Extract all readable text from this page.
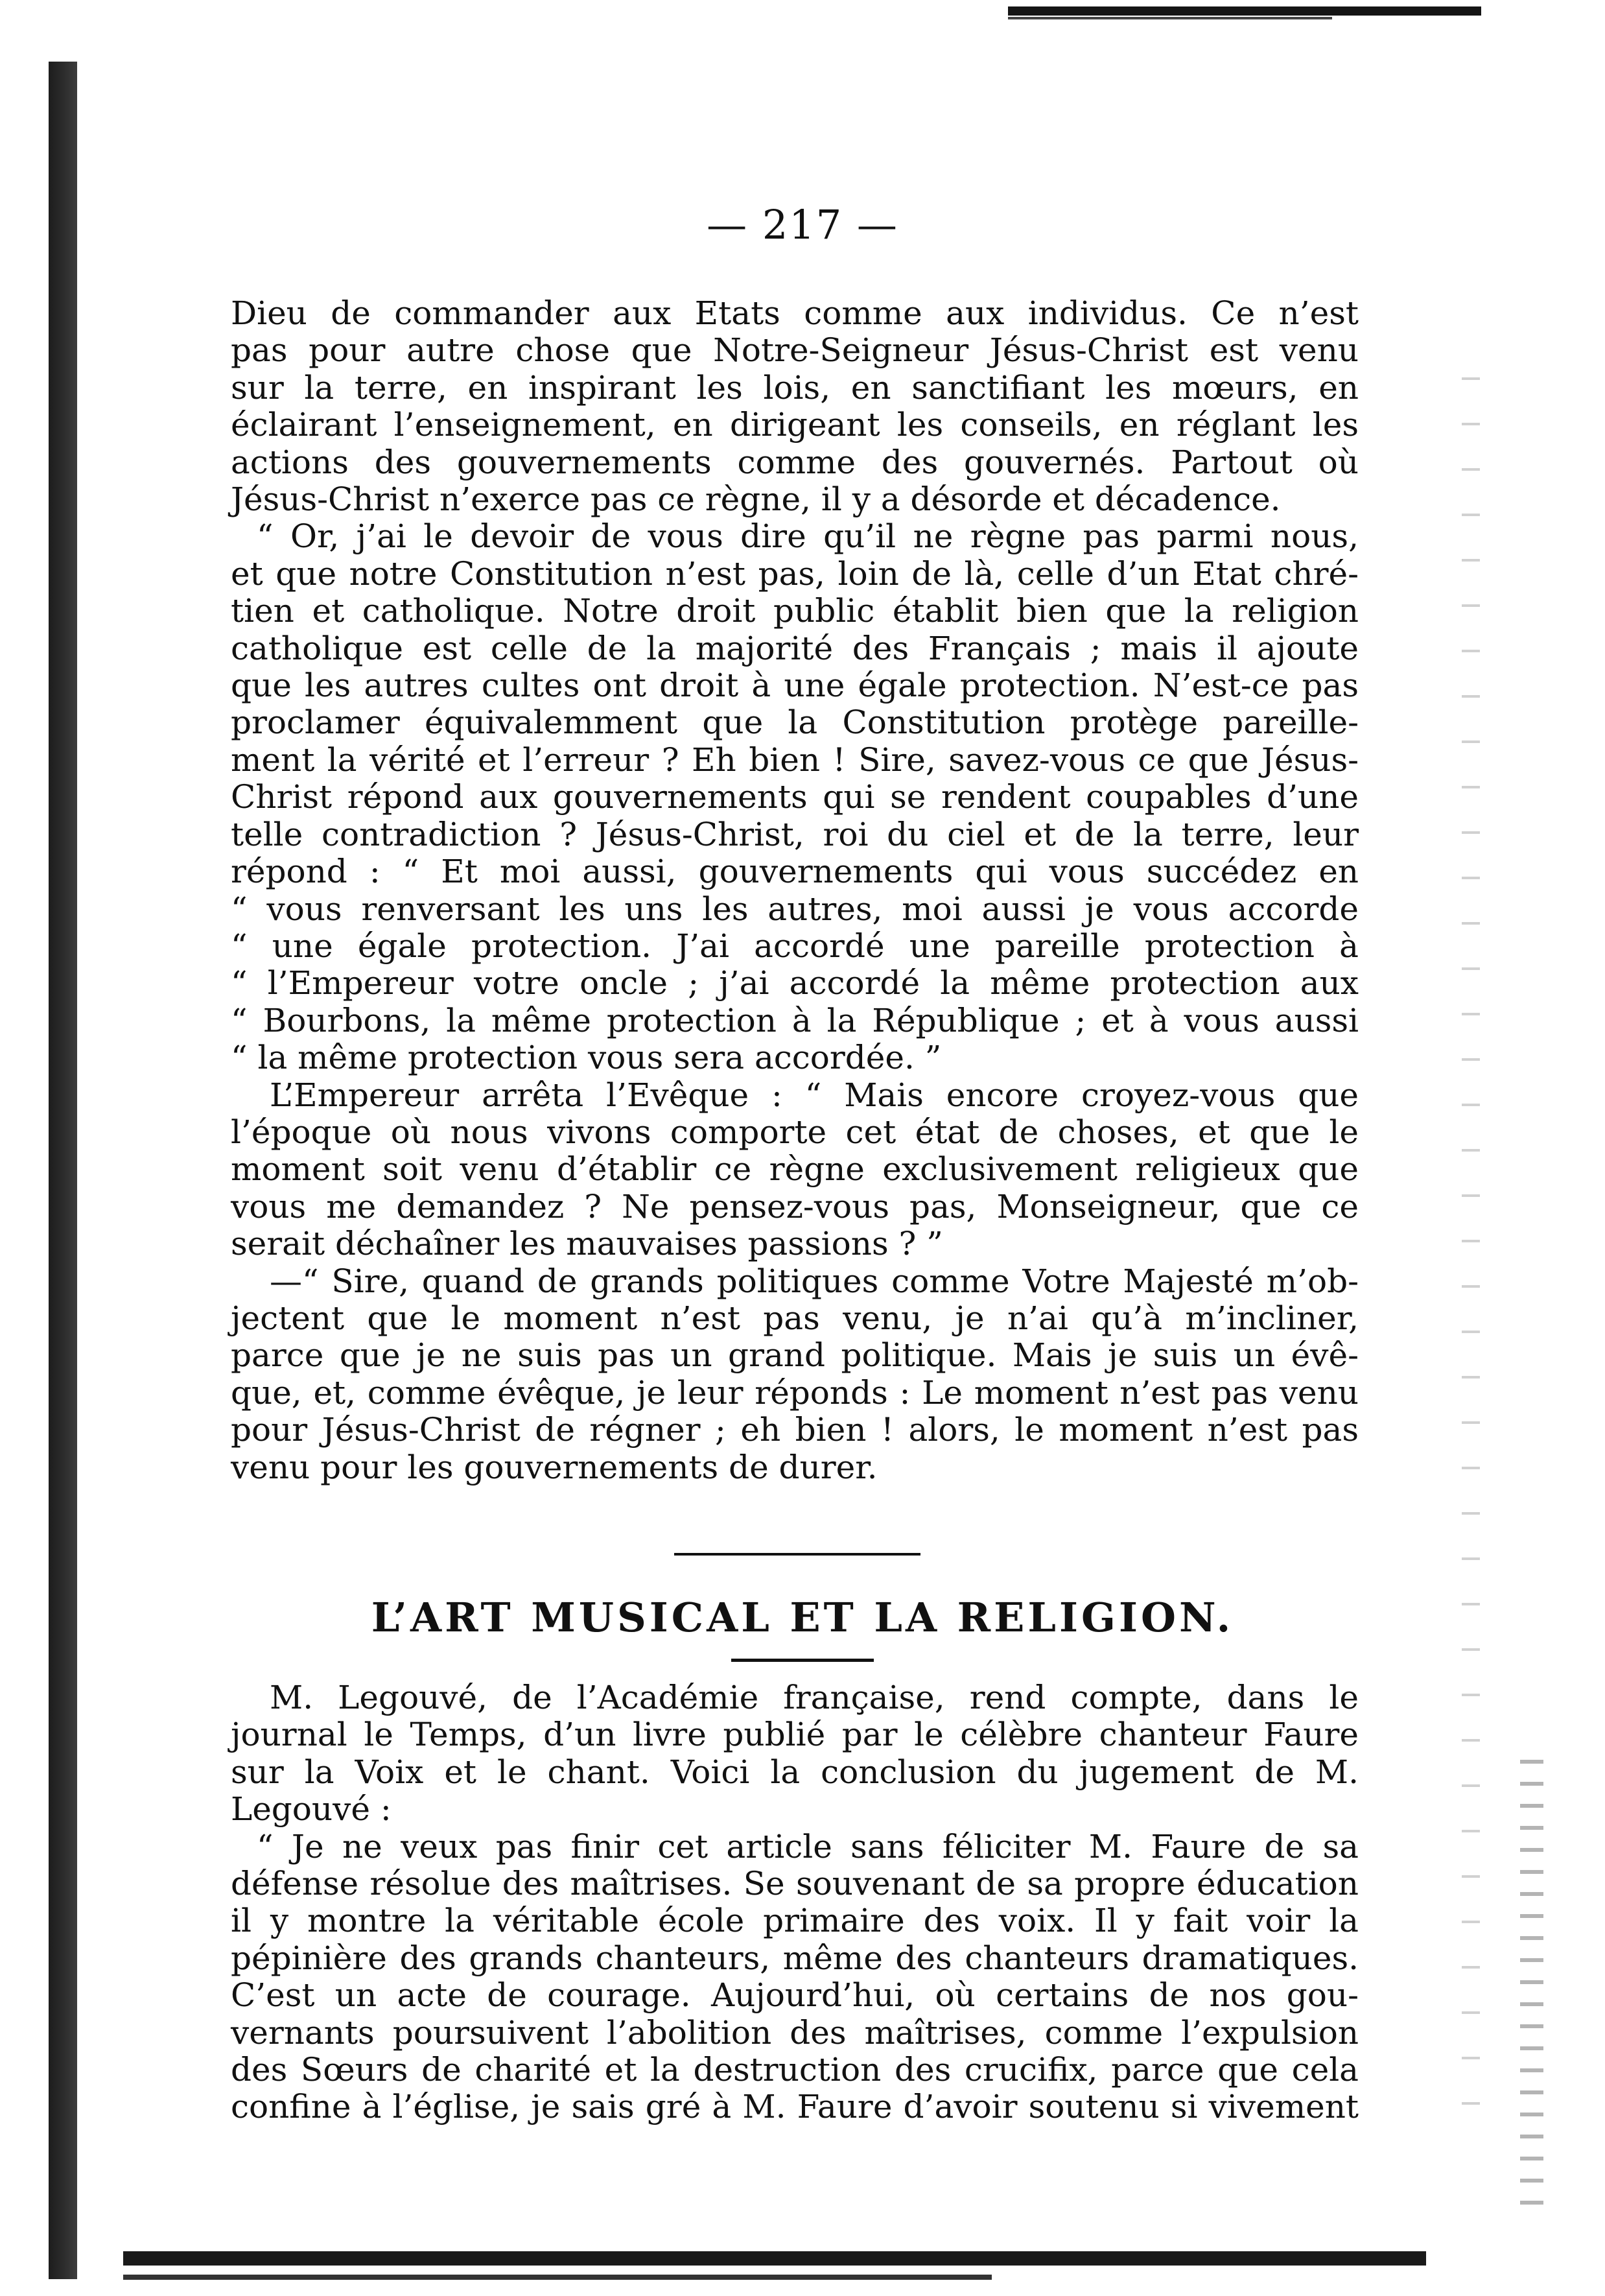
— 217 —
Dieu de commander aux Etats comme aux individus. Ce n’est
pas pour autre chose que Notre-Seigneur Jésus-Christ est venu
sur la terre, en inspirant les lois, en sanctifiant les mœurs, en
éclairant l’enseignement, en dirigeant les conseils, en réglant les
actions des gouvernements comme des gouvernés. Partout où
Jésus-Christ n’exerce pas ce règne, il y a désorde et décadence.
“ Or, j’ai le devoir de vous dire qu’il ne règne pas parmi nous,
et que notre Constitution n’est pas, loin de là, celle d’un Etat chré-
tien et catholique. Notre droit public établit bien que la religion
catholique est celle de la majorité des Français ; mais il ajoute
que les autres cultes ont droit à une égale protection. N’est-ce pas
proclamer équivalemment que la Constitution protège pareille-
ment la vérité et l’erreur ? Eh bien ! Sire, savez-vous ce que Jésus-
Christ répond aux gouvernements qui se rendent coupables d’une
telle contradiction ? Jésus-Christ, roi du ciel et de la terre, leur
répond : “ Et moi aussi, gouvernements qui vous succédez en
“ vous renversant les uns les autres, moi aussi je vous accorde
“ une égale protection. J’ai accordé une pareille protection à
“ l’Empereur votre oncle ; j’ai accordé la même protection aux
“ Bourbons, la même protection à la République ; et à vous aussi
“ la même protection vous sera accordée. ”
L’Empereur arrêta l’Evêque : “ Mais encore croyez-vous que
l’époque où nous vivons comporte cet état de choses, et que le
moment soit venu d’établir ce règne exclusivement religieux que
vous me demandez ? Ne pensez-vous pas, Monseigneur, que ce
serait déchaîner les mauvaises passions ? ”
—“ Sire, quand de grands politiques comme Votre Majesté m’ob-
jectent que le moment n’est pas venu, je n’ai qu’à m’incliner,
parce que je ne suis pas un grand politique. Mais je suis un évê-
que, et, comme évêque, je leur réponds : Le moment n’est pas venu
pour Jésus-Christ de régner ; eh bien ! alors, le moment n’est pas
venu pour les gouvernements de durer.
L’ART MUSICAL ET LA RELIGION.
M. Legouvé, de l’Académie française, rend compte, dans le
journal le Temps, d’un livre publié par le célèbre chanteur Faure
sur la Voix et le chant. Voici la conclusion du jugement de M.
Legouvé :
“ Je ne veux pas finir cet article sans féliciter M. Faure de sa
défense résolue des maîtrises. Se souvenant de sa propre éducation
il y montre la véritable école primaire des voix. Il y fait voir la
pépinière des grands chanteurs, même des chanteurs dramatiques.
C’est un acte de courage. Aujourd’hui, où certains de nos gou-
vernants poursuivent l’abolition des maîtrises, comme l’expulsion
des Sœurs de charité et la destruction des crucifix, parce que cela
confine à l’église, je sais gré à M. Faure d’avoir soutenu si vivement
